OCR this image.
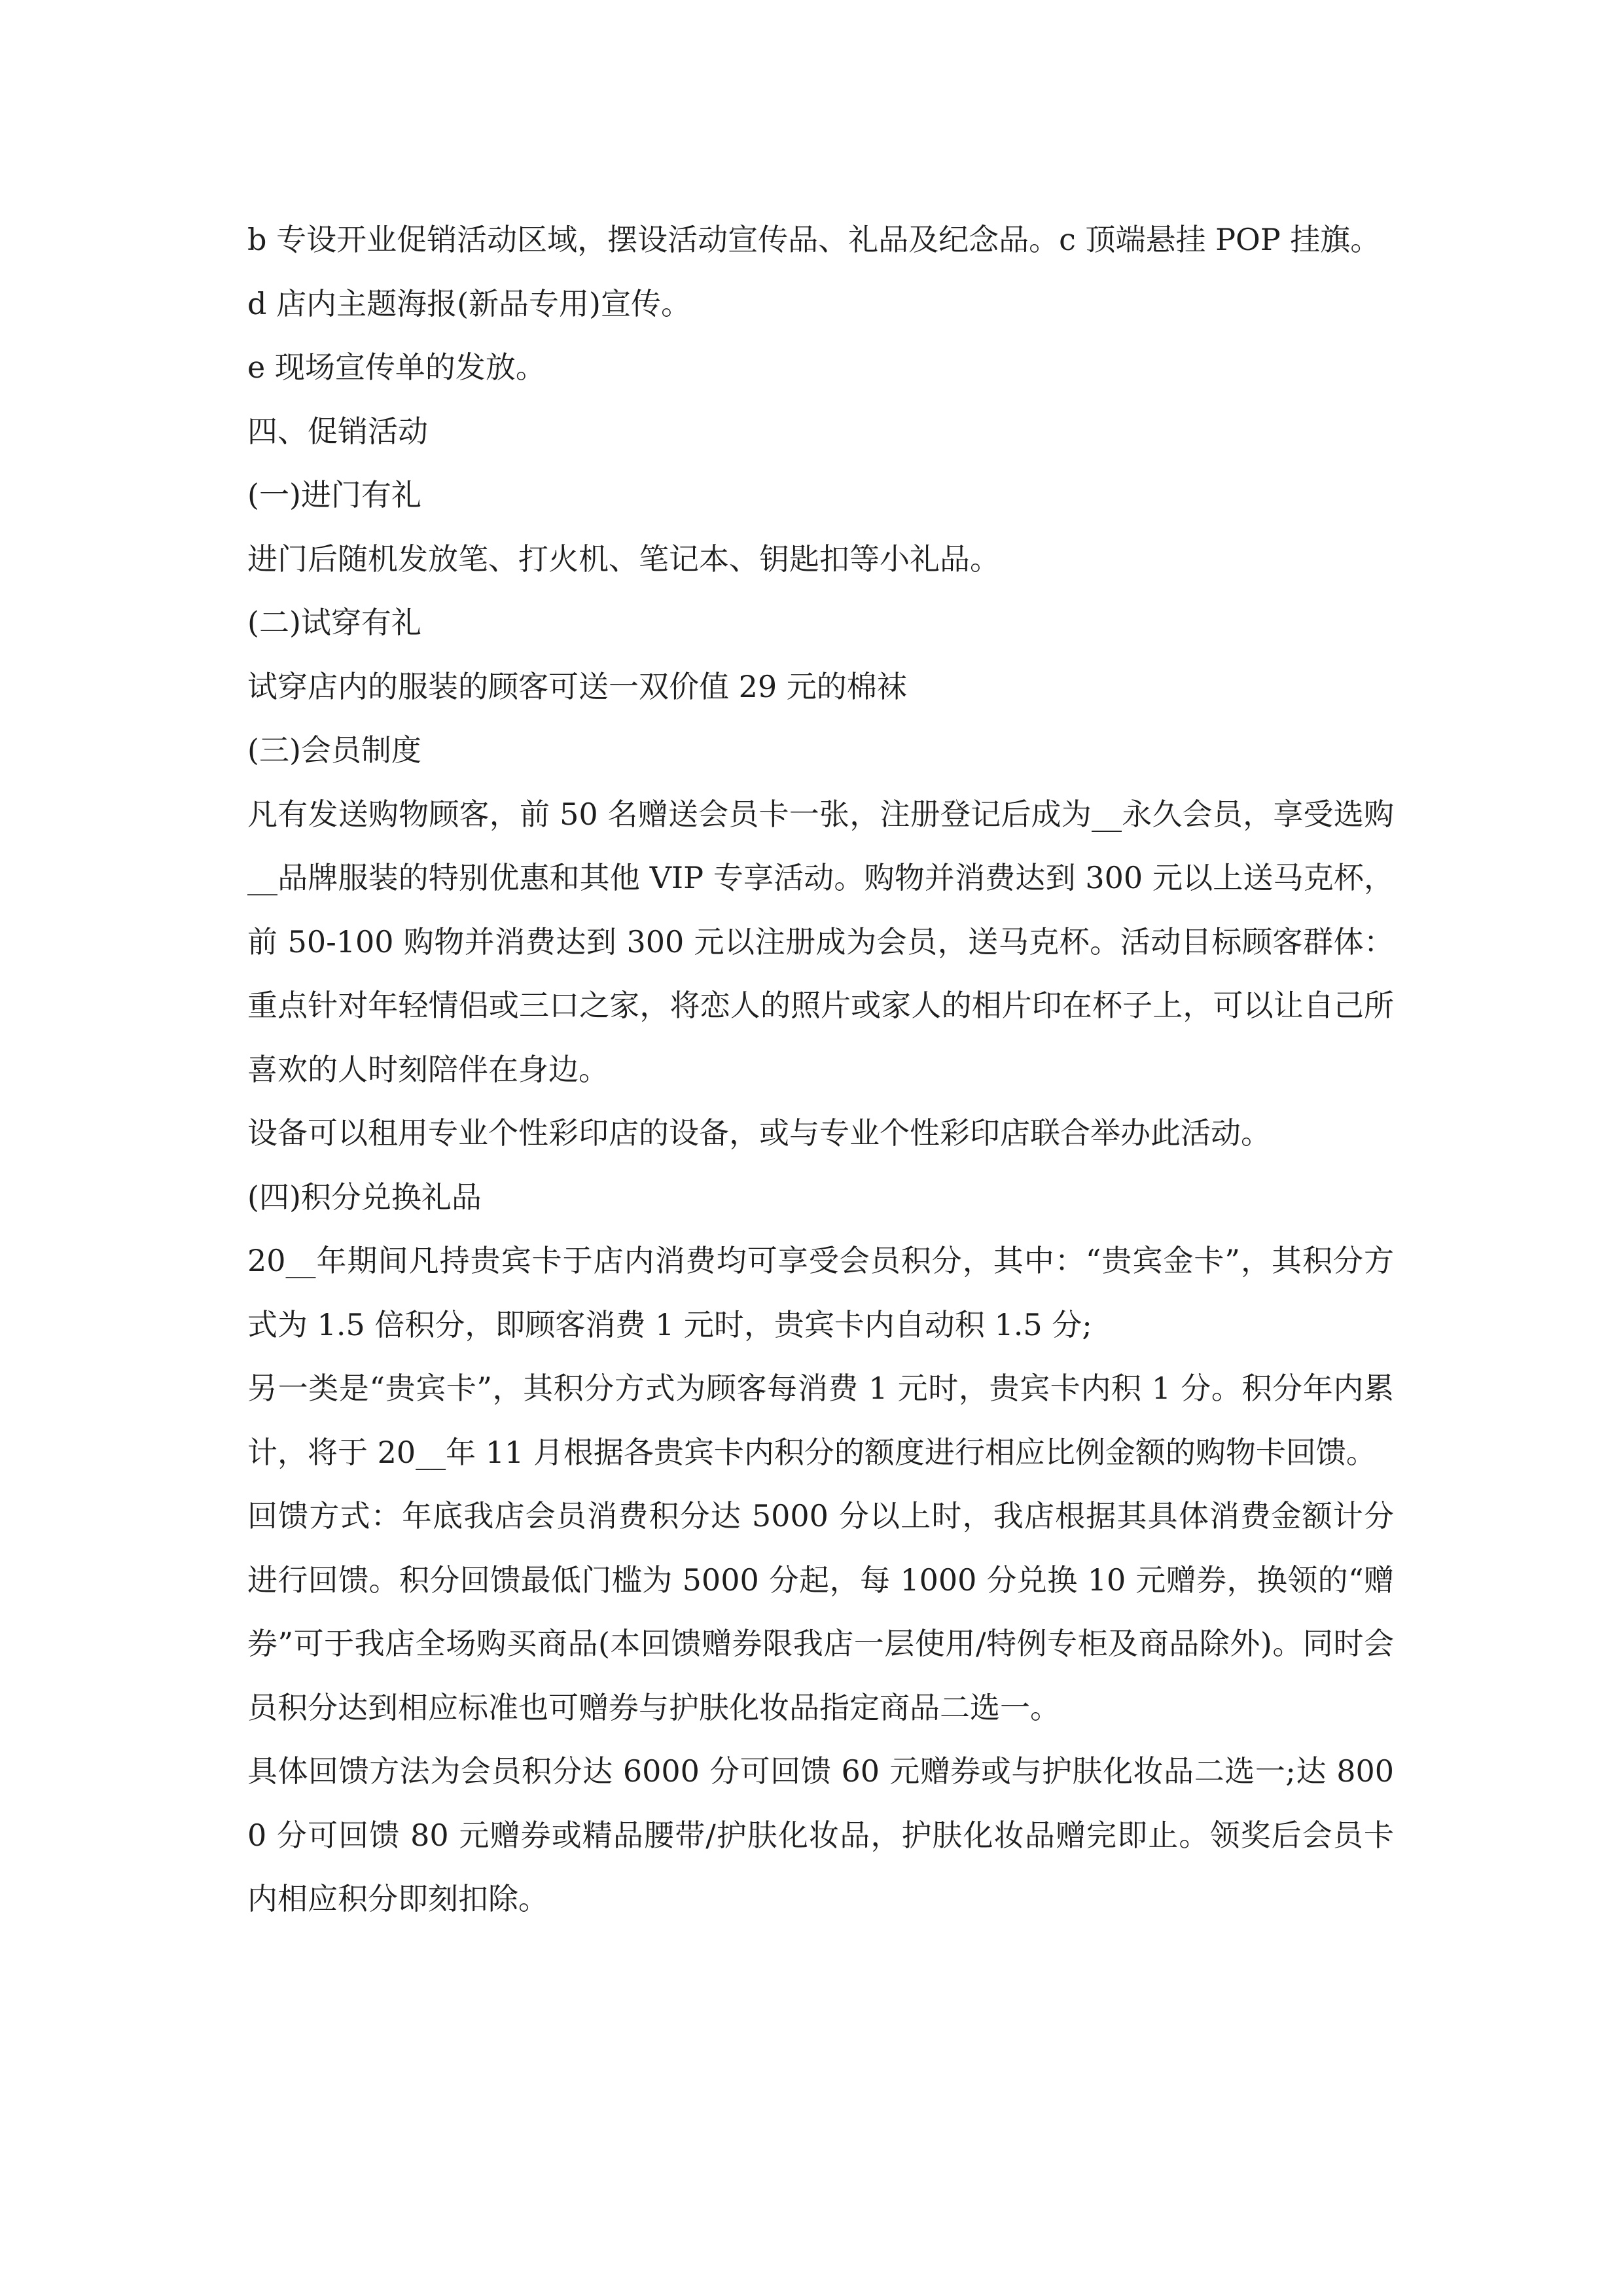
b 专设开业促销活动区域，摆设活动宣传品、礼品及纪念品。c 顶端悬挂 POP 挂旗。

d 店内主题海报(新品专用)宣传。

e 现场宣传单的发放。

四、促销活动

(一)进门有礼

进门后随机发放笔、打火机、笔记本、钥匙扣等小礼品。

(二)试穿有礼

试穿店内的服装的顾客可送一双价值 29 元的棉袜

(三)会员制度

凡有发送购物顾客，前 50 名赠送会员卡一张，注册登记后成为__永久会员，享受选购__品牌服装的特别优惠和其他 VIP 专享活动。购物并消费达到 300 元以上送马克杯，前 50-100 购物并消费达到 300 元以注册成为会员，送马克杯。活动目标顾客群体：重点针对年轻情侣或三口之家，将恋人的照片或家人的相片印在杯子上，可以让自己所喜欢的人时刻陪伴在身边。

设备可以租用专业个性彩印店的设备，或与专业个性彩印店联合举办此活动。

(四)积分兑换礼品

20__年期间凡持贵宾卡于店内消费均可享受会员积分，其中：“贵宾金卡”，其积分方式为 1.5 倍积分，即顾客消费 1 元时，贵宾卡内自动积 1.5 分;

另一类是“贵宾卡”，其积分方式为顾客每消费 1 元时，贵宾卡内积 1 分。积分年内累计，将于 20__年 11 月根据各贵宾卡内积分的额度进行相应比例金额的购物卡回馈。

回馈方式：年底我店会员消费积分达 5000 分以上时，我店根据其具体消费金额计分进行回馈。积分回馈最低门槛为 5000 分起，每 1000 分兑换 10 元赠券，换领的“赠券”可于我店全场购买商品(本回馈赠券限我店一层使用/特例专柜及商品除外)。同时会员积分达到相应标准也可赠券与护肤化妆品指定商品二选一。

具体回馈方法为会员积分达 6000 分可回馈 60 元赠券或与护肤化妆品二选一;达 8000 分可回馈 80 元赠券或精品腰带/护肤化妆品，护肤化妆品赠完即止。领奖后会员卡内相应积分即刻扣除。
